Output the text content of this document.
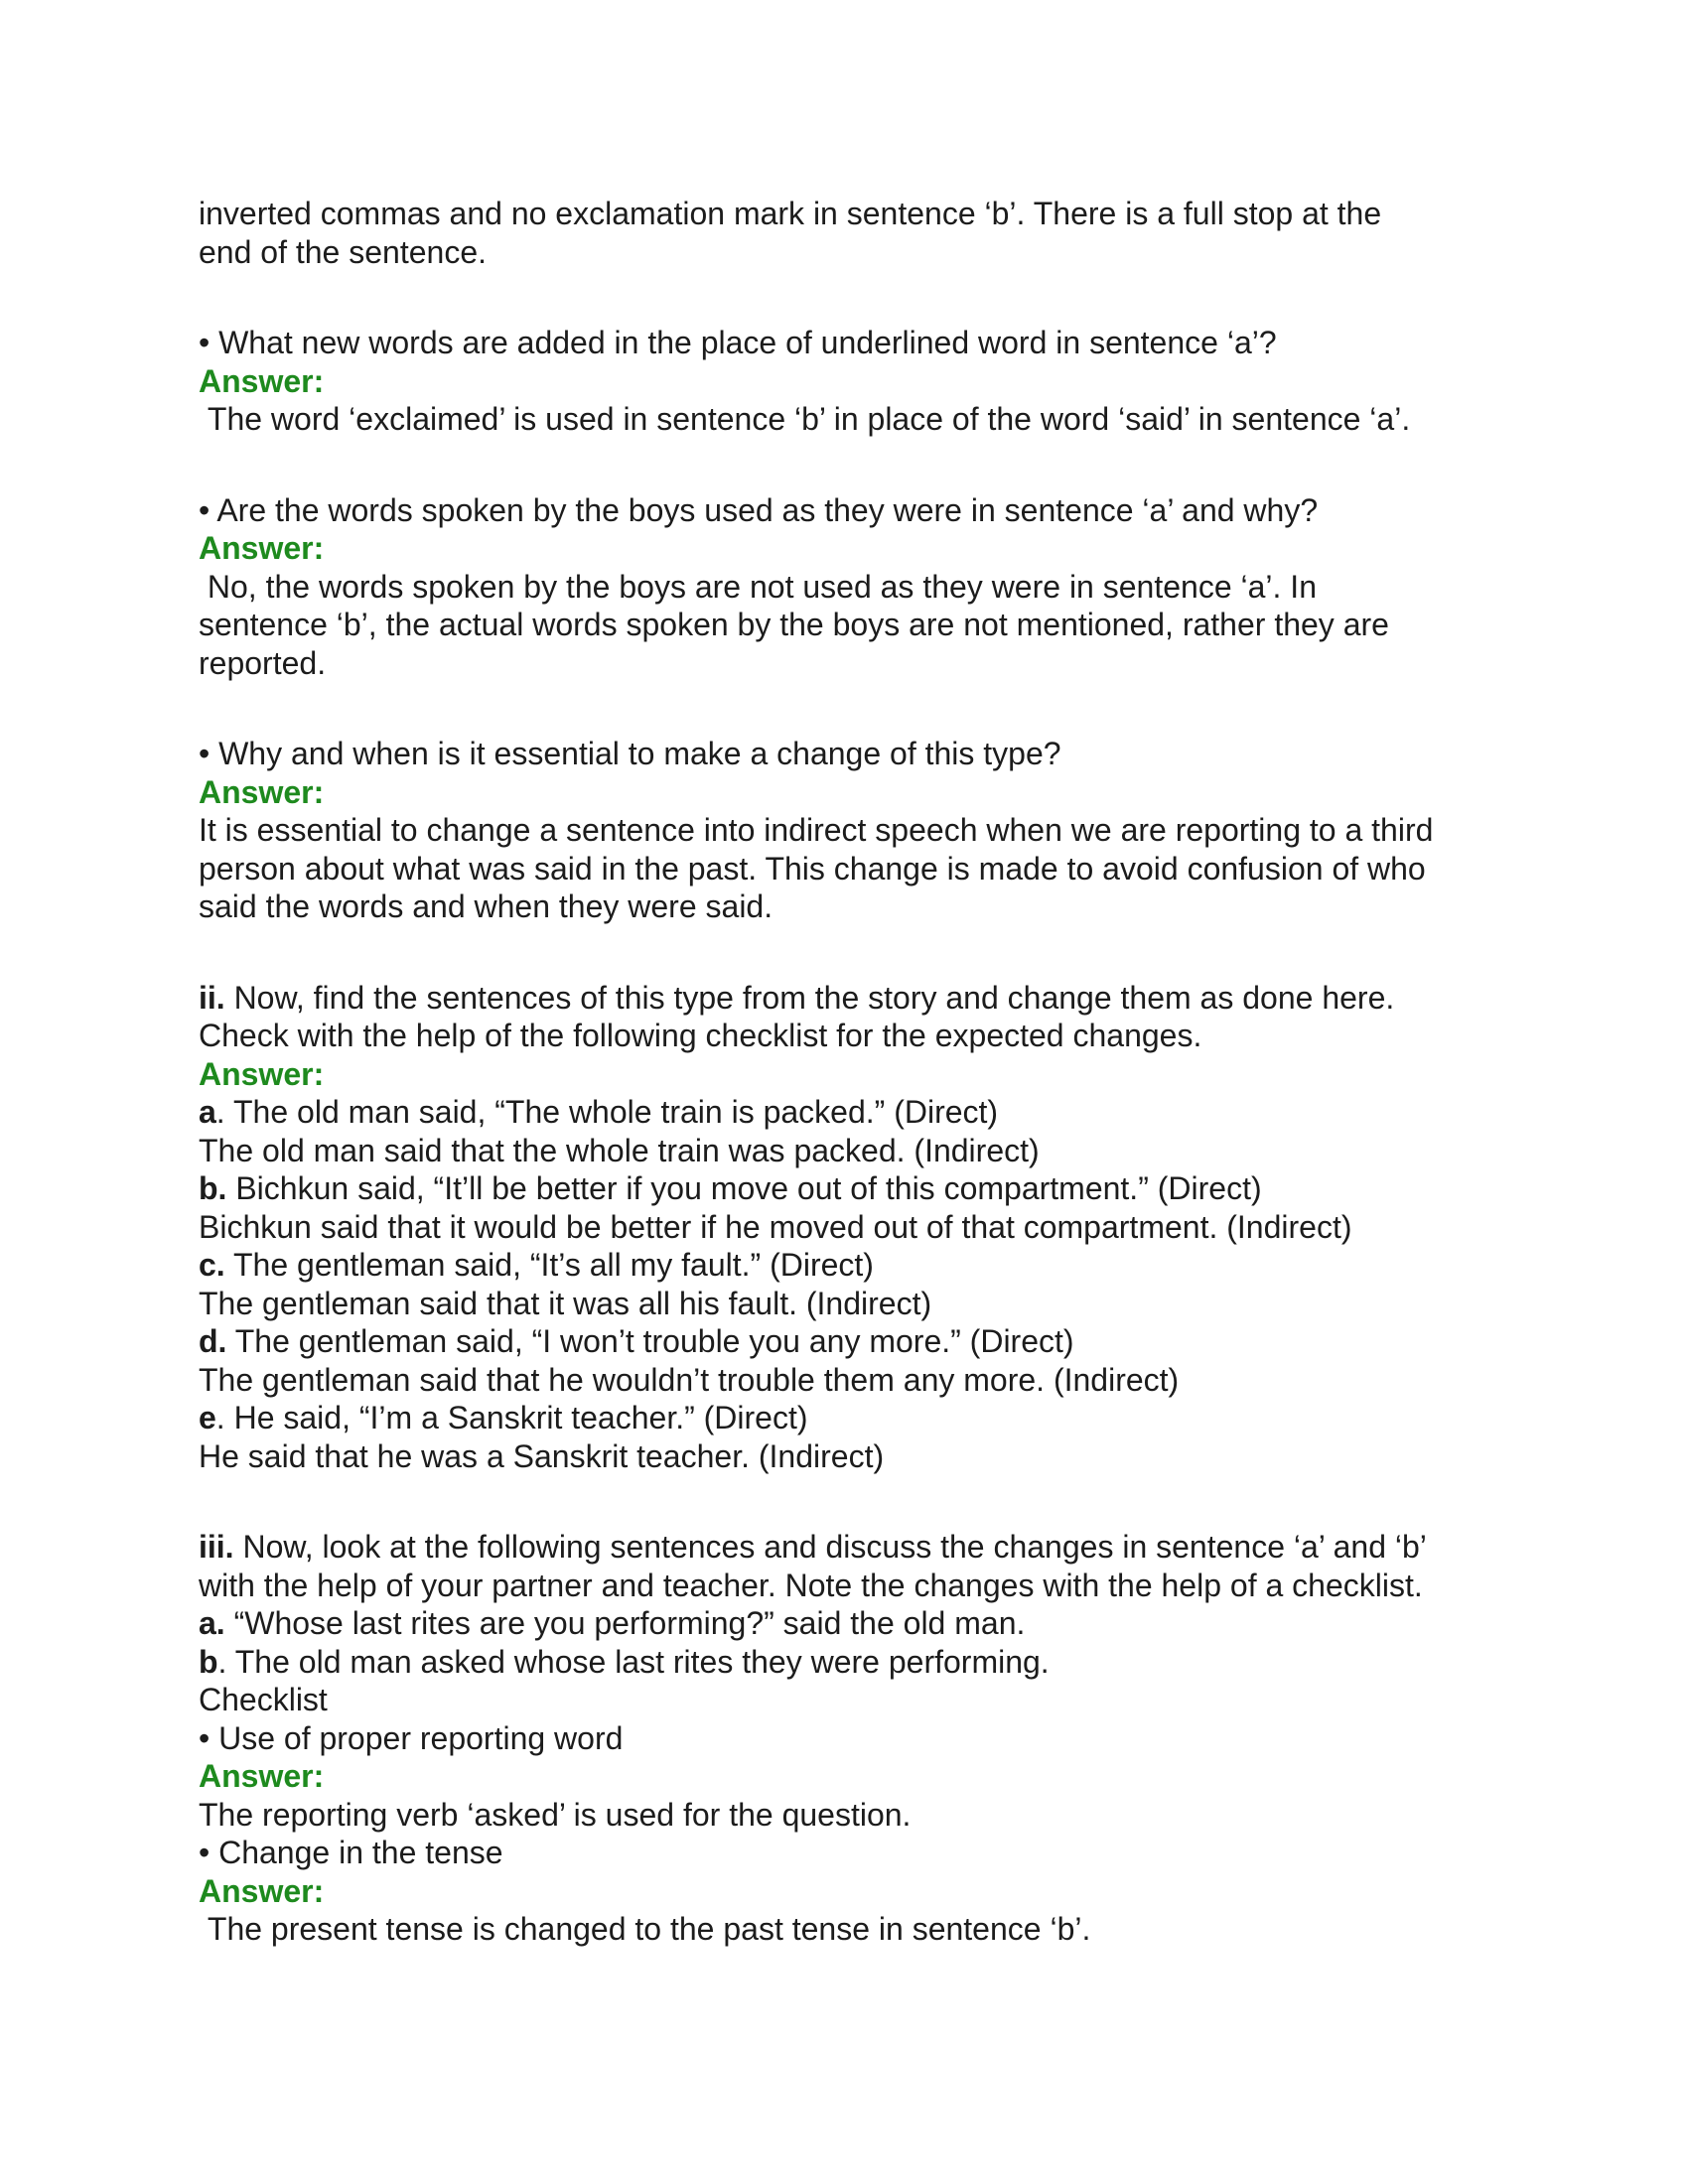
inverted commas and no exclamation mark in sentence ‘b’. There is a full stop at the

end of the sentence.

• What new words are added in the place of underlined word in sentence ‘a’?

Answer:

The word ‘exclaimed’ is used in sentence ‘b’ in place of the word ‘said’ in sentence ‘a’.

• Are the words spoken by the boys used as they were in sentence ‘a’ and why?

Answer:

No, the words spoken by the boys are not used as they were in sentence ‘a’. In

sentence ‘b’, the actual words spoken by the boys are not mentioned, rather they are

reported.

• Why and when is it essential to make a change of this type?

Answer:

It is essential to change a sentence into indirect speech when we are reporting to a third

person about what was said in the past. This change is made to avoid confusion of who

said the words and when they were said.

ii. Now, find the sentences of this type from the story and change them as done here.

Check with the help of the following checklist for the expected changes.

Answer:

a. The old man said, “The whole train is packed.” (Direct)

The old man said that the whole train was packed. (Indirect)

b. Bichkun said, “It’ll be better if you move out of this compartment.” (Direct)

Bichkun said that it would be better if he moved out of that compartment. (Indirect)

c. The gentleman said, “It’s all my fault.” (Direct)

The gentleman said that it was all his fault. (Indirect)

d. The gentleman said, “I won’t trouble you any more.” (Direct)

The gentleman said that he wouldn’t trouble them any more. (Indirect)

e. He said, “I’m a Sanskrit teacher.” (Direct)

He said that he was a Sanskrit teacher. (Indirect)

iii. Now, look at the following sentences and discuss the changes in sentence ‘a’ and ‘b’

with the help of your partner and teacher. Note the changes with the help of a checklist.

a. “Whose last rites are you performing?” said the old man.

b. The old man asked whose last rites they were performing.

Checklist

• Use of proper reporting word

Answer:

The reporting verb ‘asked’ is used for the question.

• Change in the tense

Answer:

The present tense is changed to the past tense in sentence ‘b’.
